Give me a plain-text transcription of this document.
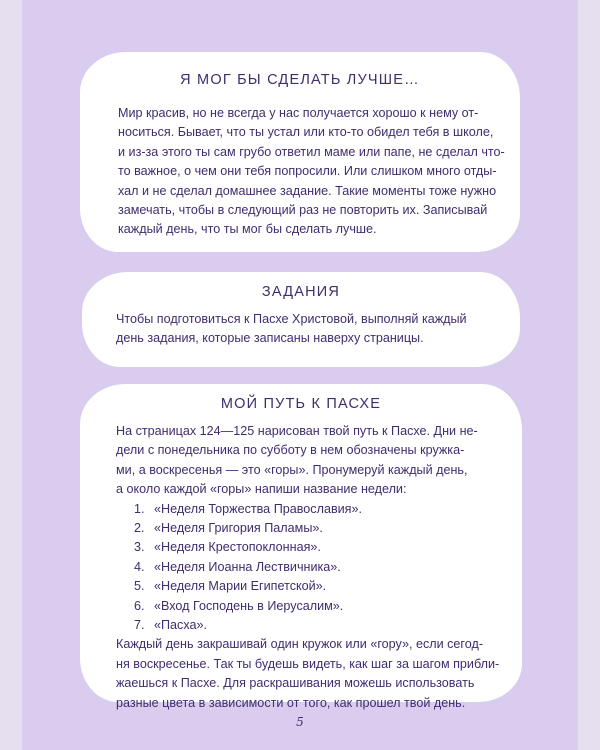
Я МОГ БЫ СДЕЛАТЬ ЛУЧШЕ…

Мир красив, но не всегда у нас получается хорошо к нему от-

ноcиться. Бывает, что ты устал или кто-то обидел тебя в школе,

и из-за этого ты сам грубо ответил маме или папе, не сделал что-

то важное, о чем они тебя попросили. Или слишком много отды-

хал и не сделал домашнее задание. Такие моменты тоже нужно

замечать, чтобы в следующий раз не повторить их. Записывай

каждый день, что ты мог бы сделать лучше.

ЗАДАНИЯ

Чтобы подготовиться к Пасхе Христовой, выполняй каждый

день задания, которые записаны наверху страницы.

МОЙ ПУТЬ К ПАСХЕ

На страницах 124—125 нарисован твой путь к Пасхе. Дни не-

дели с понедельника по субботу в нем обозначены кружка-

ми, а воскресенья — это «горы». Пронумеруй каждый день,

а около каждой «горы» напиши название недели:

1. «Неделя Торжества Православия».
2. «Неделя Григория Паламы».
3. «Неделя Крестопоклонная».
4. «Неделя Иоанна Лествичника».
5. «Неделя Марии Египетской».
6. «Вход Господень в Иерусалим».
7. «Пасха».

Каждый день закрашивай один кружок или «гору», если сегод-

ня воскресенье. Так ты будешь видеть, как шаг за шагом прибли-

жаешься к Пасхе. Для раскрашивания можешь использовать

разные цвета в зависимости от того, как прошел твой день.

5
